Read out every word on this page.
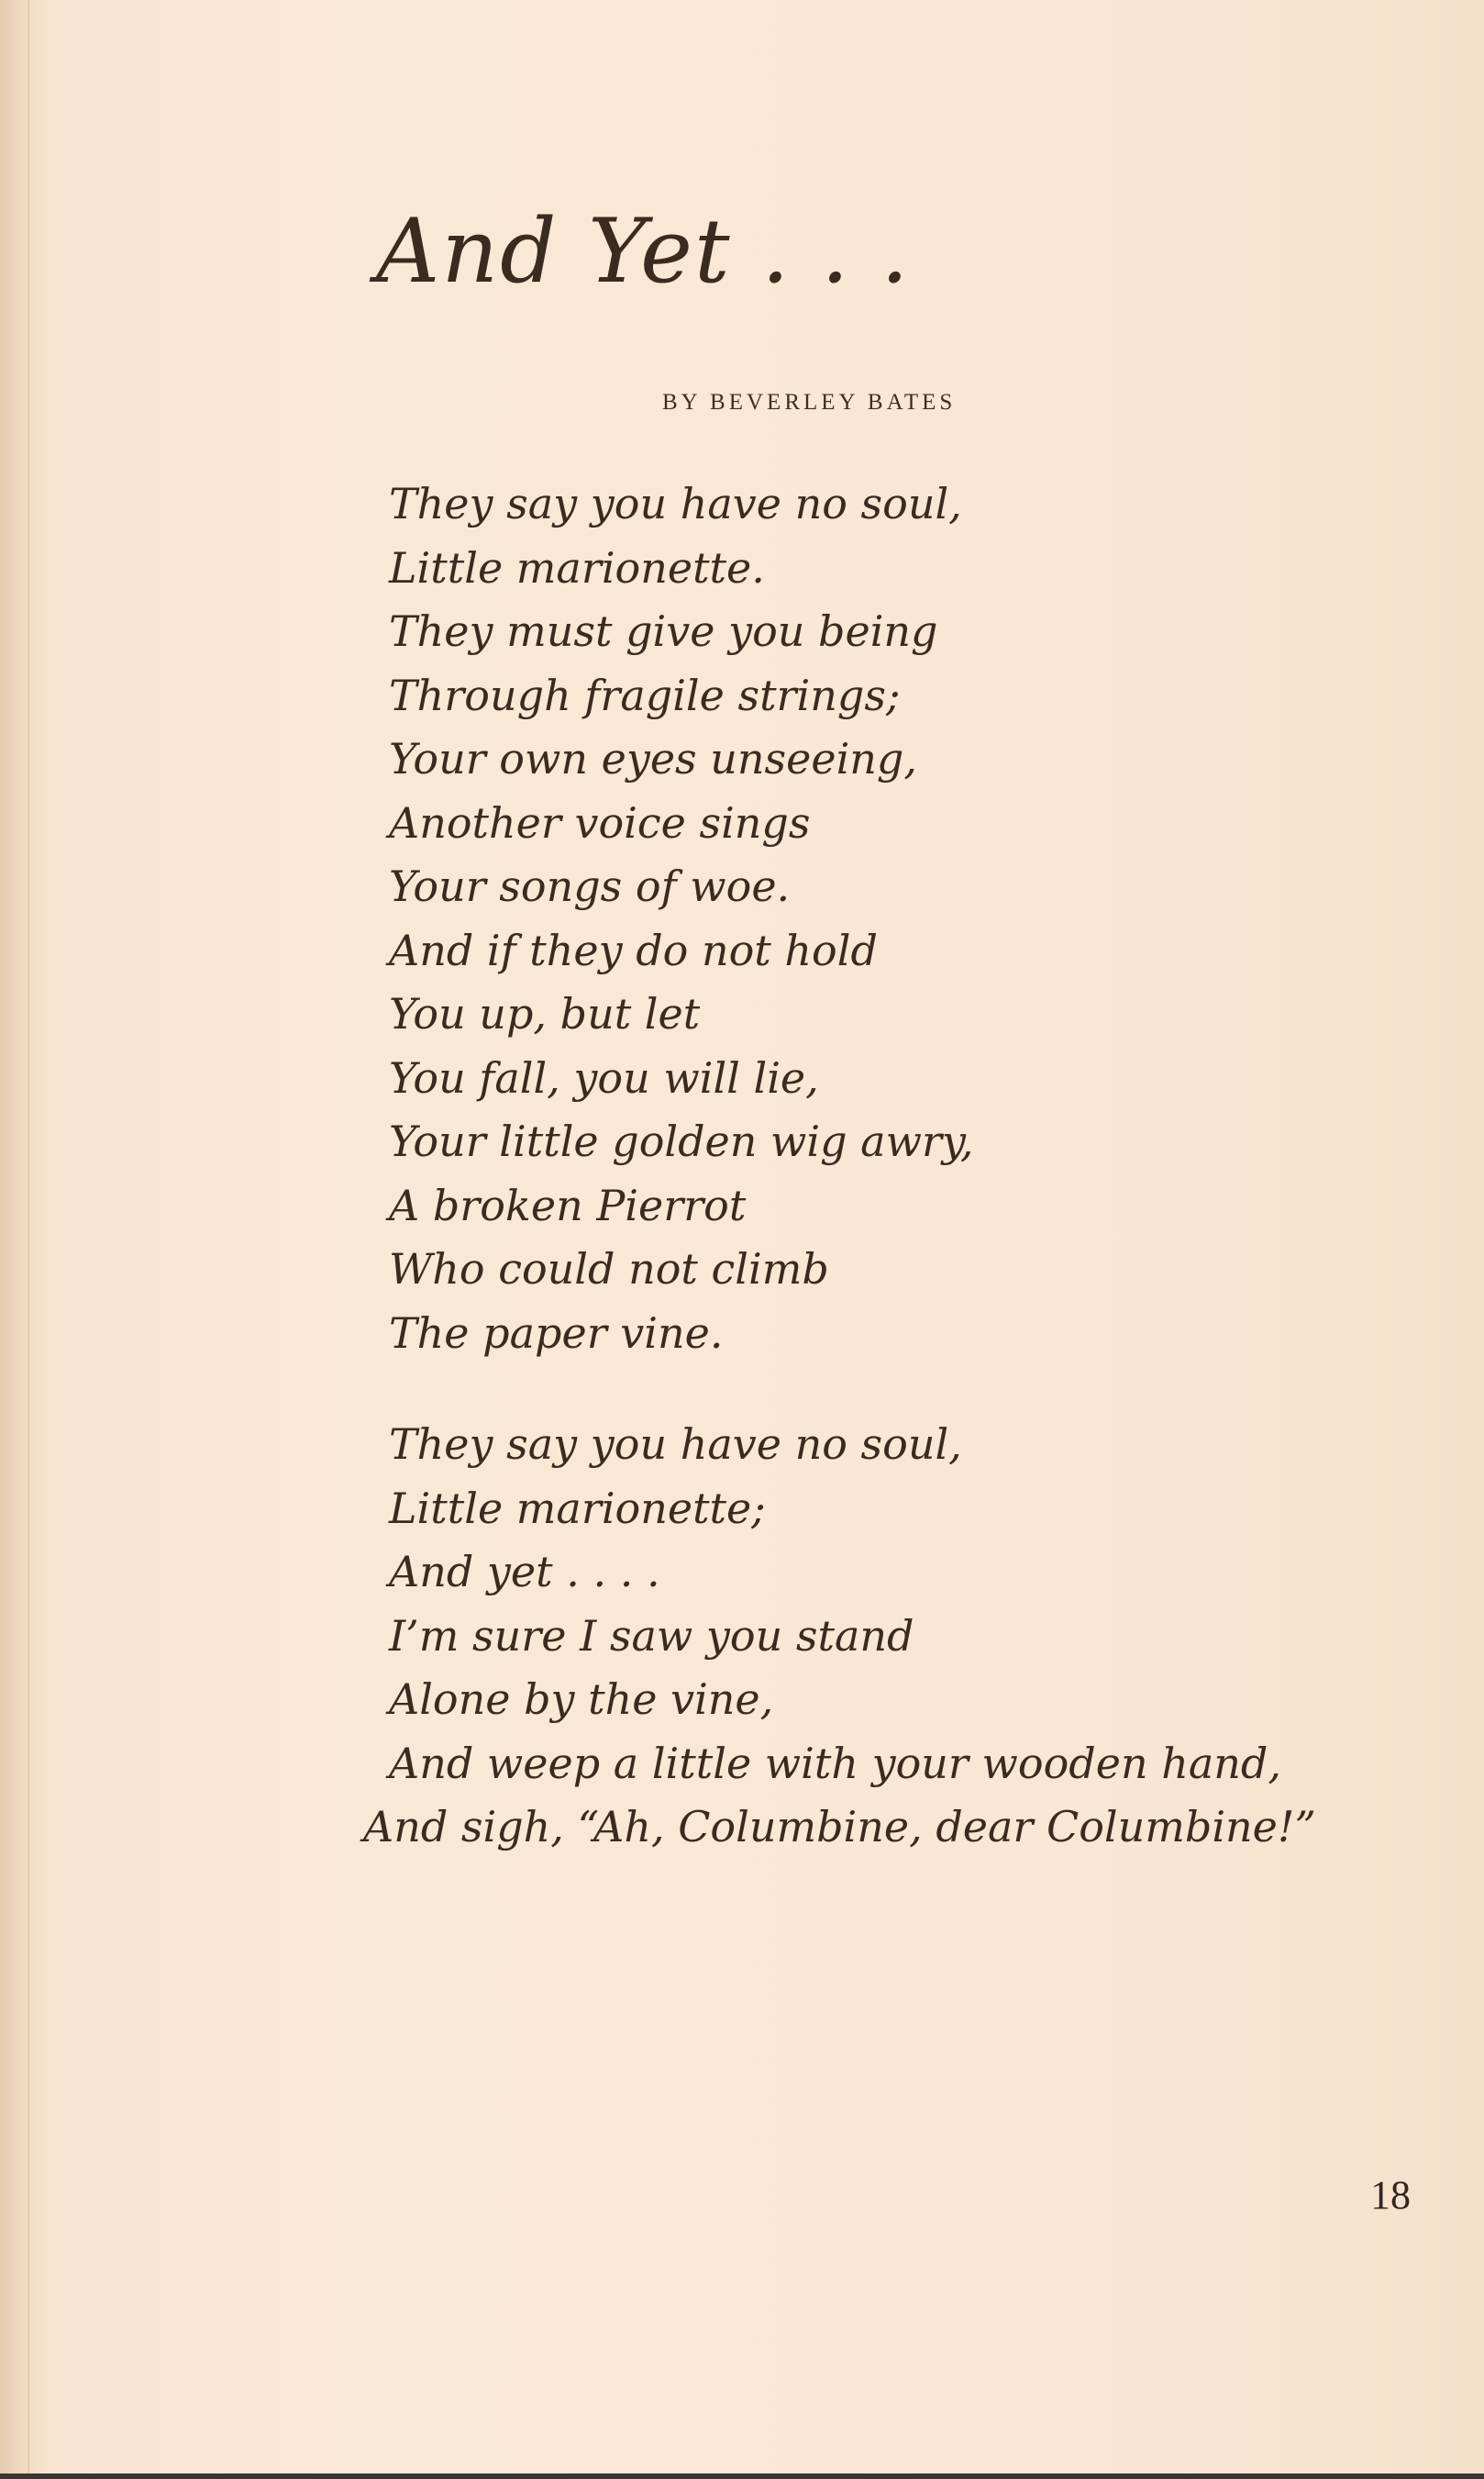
And Yet . . .
BY BEVERLEY BATES
They say you have no soul,
Little marionette.
They must give you being
Through fragile strings;
Your own eyes unseeing,
Another voice sings
Your songs of woe.
And if they do not hold
You up, but let
You fall, you will lie,
Your little golden wig awry,
A broken Pierrot
Who could not climb
The paper vine.
They say you have no soul,
Little marionette;
And yet . . . .
I’m sure I saw you stand
Alone by the vine,
And weep a little with your wooden hand,
And sigh, “Ah, Columbine, dear Columbine!”
18
